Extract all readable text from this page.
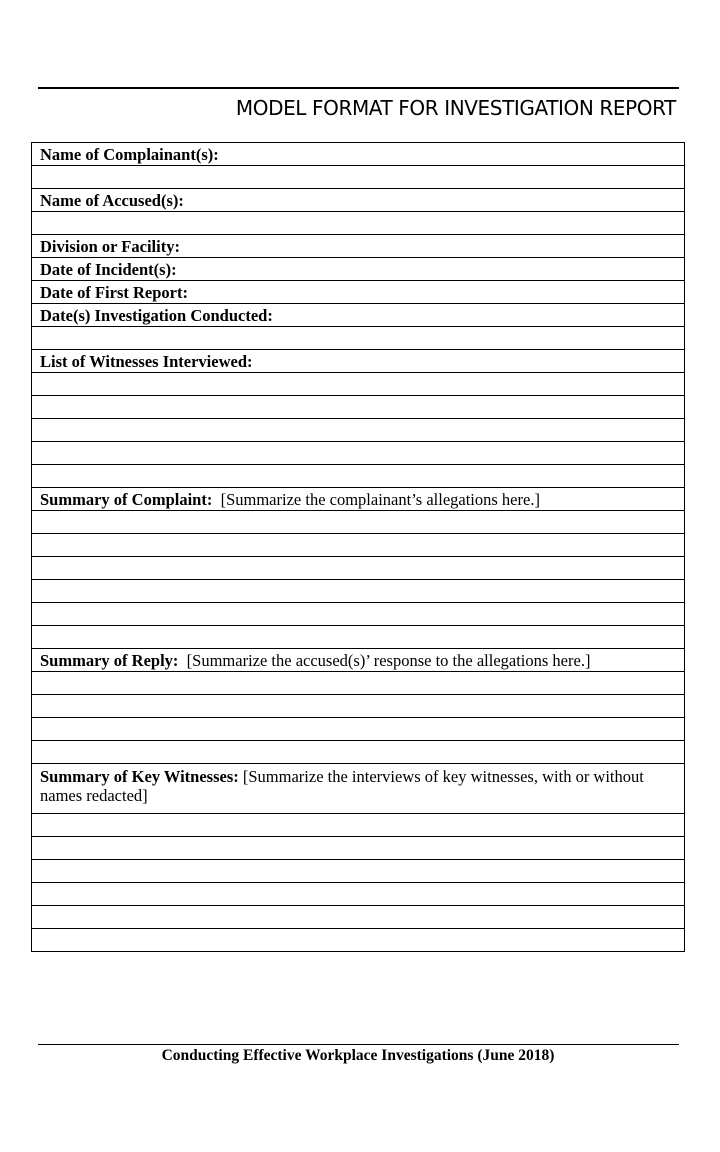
MODEL FORMAT FOR INVESTIGATION REPORT
Name of Complainant(s):

Name of Accused(s):

Division or Facility:
Date of Incident(s):
Date of First Report:
Date(s) Investigation Conducted:

List of Witnesses Interviewed:

Summary of Complaint:  [Summarize the complainant’s allegations here.]

Summary of Reply:  [Summarize the accused(s)’ response to the allegations here.]

Summary of Key Witnesses: [Summarize the interviews of key witnesses, with or without names redacted]

Conducting Effective Workplace Investigations (June 2018)
